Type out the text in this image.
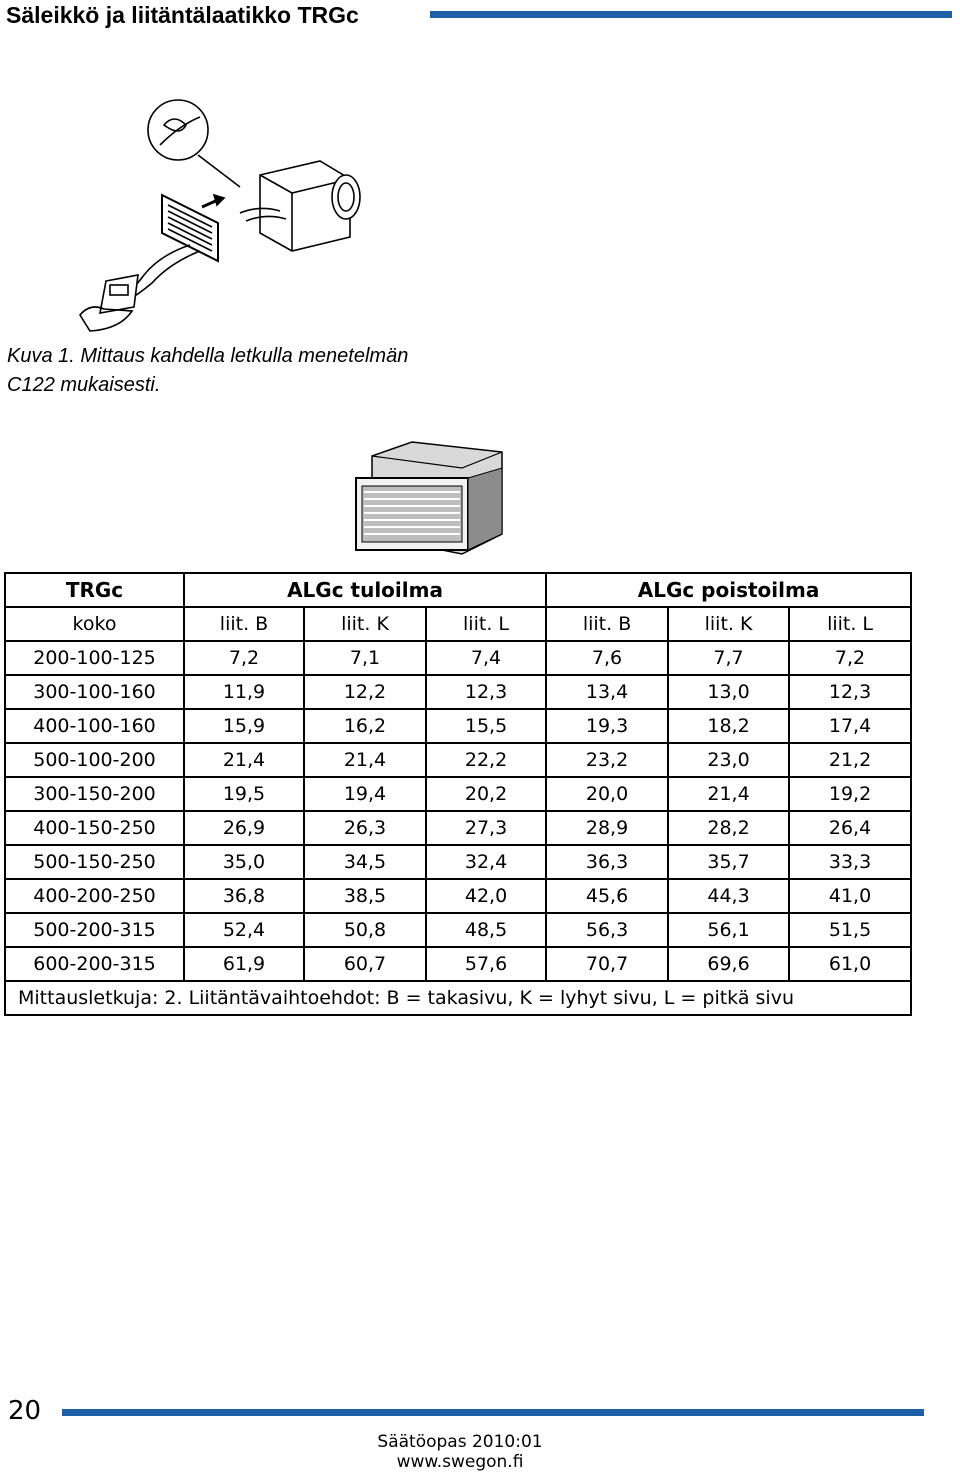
Säleikkö ja liitäntälaatikko TRGc
Kuva 1. Mittaus kahdella letkulla menetelmän
C122 mukaisesti.
TRGc	ALGc tuloilma			ALGc poistoilma		
koko	liit. B	liit. K	liit. L	liit. B	liit. K	liit. L
200-100-125	7,2	7,1	7,4	7,6	7,7	7,2
300-100-160	11,9	12,2	12,3	13,4	13,0	12,3
400-100-160	15,9	16,2	15,5	19,3	18,2	17,4
500-100-200	21,4	21,4	22,2	23,2	23,0	21,2
300-150-200	19,5	19,4	20,2	20,0	21,4	19,2
400-150-250	26,9	26,3	27,3	28,9	28,2	26,4
500-150-250	35,0	34,5	32,4	36,3	35,7	33,3
400-200-250	36,8	38,5	42,0	45,6	44,3	41,0
500-200-315	52,4	50,8	48,5	56,3	56,1	51,5
600-200-315	61,9	60,7	57,6	70,7	69,6	61,0
Mittausletkuja: 2. Liitäntävaihtoehdot: B = takasivu, K = lyhyt sivu, L = pitkä sivu						
20
Säätöopas 2010:01
www.swegon.fi
